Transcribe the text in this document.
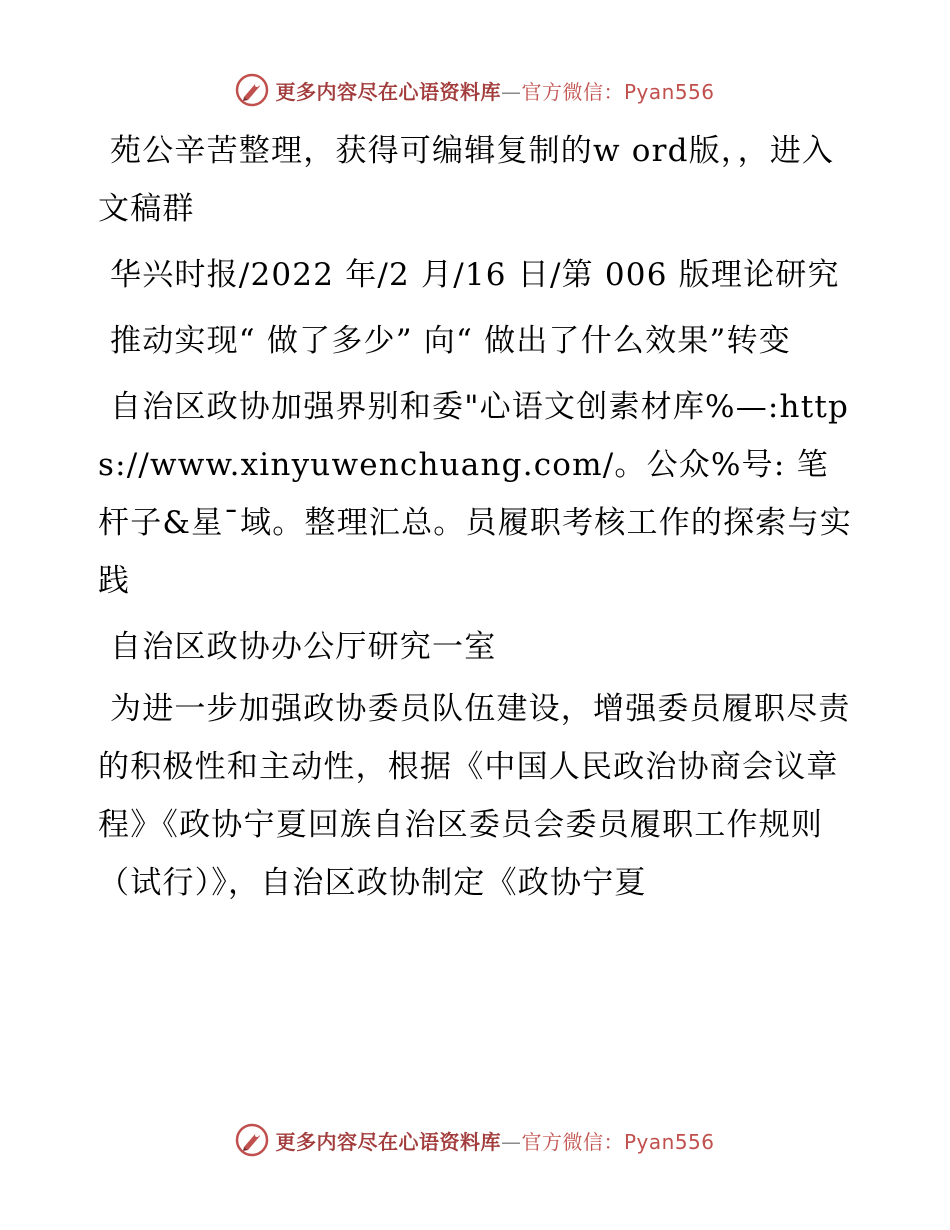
更多内容尽在心语资料库—官方微信：Pyan556

苑公辛苦整理，获得可编辑复制的w ord版，，进入文稿群

华兴时报/2022 年/2 月/16 日/第 006 版理论研究

推动实现“ 做了多少” 向“ 做出了什么效果”转变

自治区政协加强界别和委"心语文创素材库%—:https://www.xinyuwenchuang.com/。公众%号: 笔杆子&星¯域。整理汇总。员履职考核工作的探索与实践

自治区政协办公厅研究一室

为进一步加强政协委员队伍建设，增强委员履职尽责的积极性和主动性，根据《中国人民政治协商会议章程》《政协宁夏回族自治区委员会委员履职工作规则（试行）》，自治区政协制定《政协宁夏

更多内容尽在心语资料库—官方微信：Pyan556
